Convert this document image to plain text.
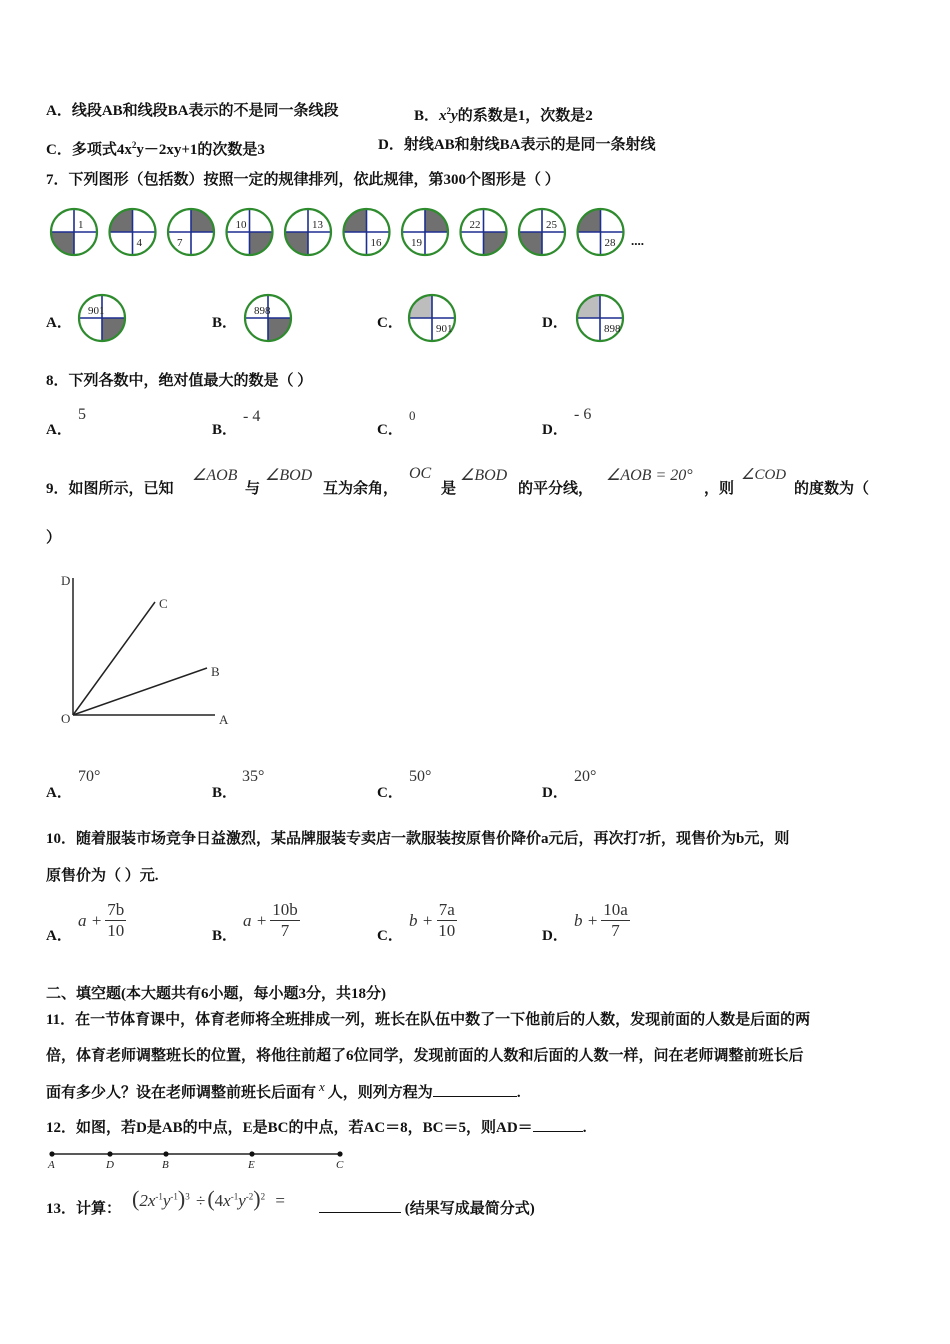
A．线段AB和线段BA表示的不是同一条线段	B．$x^2y$的系数是1，次数是2
C．多项式$4x^2y-2xy+1$的次数是3	D．射线AB和射线BA表示的是同一条射线
7．下列图形（包括数）按照一定的规律排列，依此规律，第300个图形是（ ）
1
4	7
10	13
16	19
22	25
28 ....
A．	B．	C．	D．
901	898
901	898
8．下列各数中，绝对值最大的数是（ ）
A．
5
B．
- 4
C．
0
D．
- 6
9．如图所示，已知
∠AOB
与
∠BOD
互为余角，
OC
是
∠BOD
的平分线，
∠AOB = 20°
，则
∠COD
的度数为（
）
D
C
B
O	A
A．
70°
B．
35°
C．
50°
D．
20°
10．随着服装市场竞争日益激烈，某品牌服装专卖店一款服装按原售价降价a元后，再次打7折，现售价为b元，则
原售价为（ ）元.
A．
$a + \frac{7b}{10}$	B．
$a + \frac{10b}{7}$	C．
$b + \frac{7a}{10}$	D．
$b + \frac{10a}{7}$
二、填空题(本大题共有6小题，每小题3分，共18分)
11．在一节体育课中，体育老师将全班排成一列，班长在队伍中数了一下他前后的人数，发现前面的人数是后面的两
倍，体育老师调整班长的位置，将他往前超了6位同学，发现前面的人数和后面的人数一样，问在老师调整前班长后
面有多少人？设在老师调整前班长后面有 x 人，则列方程为	.
12．如图，若D是AB的中点，E是BC的中点，若AC＝8，BC＝5，则AD＝	.
A	D	B	E	C
13．计算： $(2x^{-1}y^{-1})^3 \div(4x^{-1}y^{-2})^2$ =	(结果写成最简分式)
